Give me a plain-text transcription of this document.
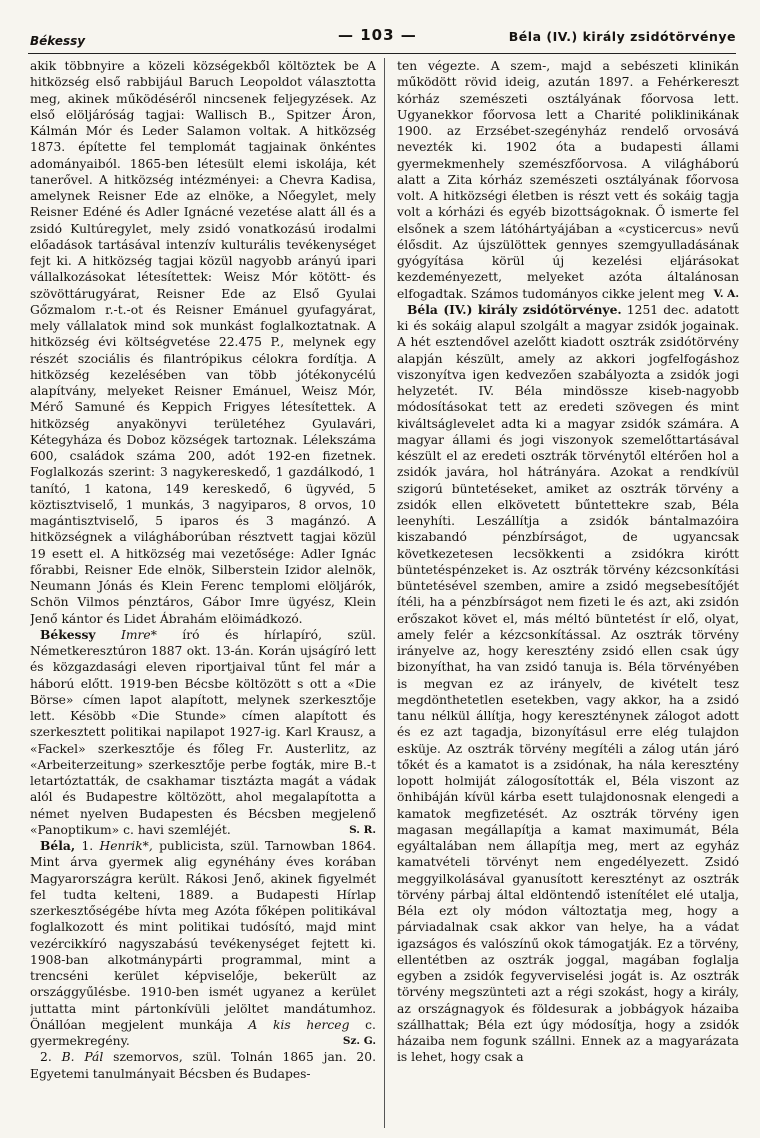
Békessy	— 103 —	Béla (IV.) király zsidótörvénye

akik többnyire a közeli községekből költöztek be A hitközség első rabbijául Baruch Leopoldot választotta meg, akinek működéséről nincsenek feljegyzések. Az első elöljáróság tagjai: Wallisch B., Spitzer Áron, Kálmán Mór és Leder Salamon voltak. A hitközség 1873. építette fel templomát tagjainak önkéntes adományaiból. 1865-ben létesült elemi iskolája, két tanerővel. A hitközség intézményei: a Chevra Kadisa, amelynek Reisner Ede az elnöke, a Nőegylet, mely Reisner Edéné és Adler Ignácné vezetése alatt áll és a zsidó Kultúregylet, mely zsidó vonatkozású irodalmi előadások tartásával intenzív kulturális tevékenységet fejt ki. A hitközség tagjai közül nagyobb arányú ipari vállalkozásokat létesítettek: Weisz Mór kötött- és szövöttárugyárat, Reisner Ede az Első Gyulai Gőzmalom r.-t.-ot és Reisner Emánuel gyufagyárat, mely vállalatok mind sok munkást foglalkoztatnak. A hitközség évi költségvetése 22.475 P., melynek egy részét szociális és filantrópikus célokra fordítja. A hitközség kezelésében van több jótékonycélú alapítvány, melyeket Reisner Emánuel, Weisz Mór, Mérő Samuné és Keppich Frigyes létesítettek. A hitközség anyakönyvi területéhez Gyulavári, Kétegyháza és Doboz községek tartoznak. Lélekszáma 600, családok száma 200, adót 192-en fizetnek. Foglalkozás szerint: 3 nagykereskedő, 1 gazdálkodó, 1 tanító, 1 katona, 149 kereskedő, 6 ügyvéd, 5 köztisztviselő, 1 munkás, 3 nagyiparos, 8 orvos, 10 magántisztviselő, 5 iparos és 3 magánzó. A hitközségnek a világháborúban résztvett tagjai közül 19 esett el. A hitközség mai vezetősége: Adler Ignác főrabbi, Reisner Ede elnök, Silberstein Izidor alelnök, Neumann Jónás és Klein Ferenc templomi elöljárók, Schön Vilmos pénztáros, Gábor Imre ügyész, Klein Jenő kántor és Lidet Ábrahám elöimádkozó.

Békessy Imre* író és hírlapíró, szül. Németkeresztúron 1887 okt. 13-án. Korán ujságíró lett és közgazdasági eleven riportjaival tűnt fel már a háború előtt. 1919-ben Bécsbe költözött s ott a «Die Börse» címen lapot alapított, melynek szerkesztője lett. Késöbb «Die Stunde» címen alapított és szerkesztett politikai napilapot 1927-ig. Karl Krausz, a «Fackel» szerkesztője és főleg Fr. Austerlitz, az «Arbeiterzeitung» szerkesztője perbe fogták, mire B.-t letartóztatták, de csakhamar tisztázta magát a vádak alól és Budapestre költözött, ahol megalapította a német nyelven Budapesten és Bécsben megjelenő «Panoptikum» c. havi szemléjét.	S. R.

Béla, 1. Henrik*, publicista, szül. Tarnowban 1864. Mint árva gyermek alig egynéhány éves korában Magyarországra került. Rákosi Jenő, akinek figyelmét fel tudta kelteni, 1889. a Budapesti Hírlap szerkesztőségébe hívta meg Azóta főképen politikával foglalkozott és mint politikai tudósító, majd mint vezércikkíró nagyszabású tevékenységet fejtett ki. 1908-ban alkotmánypárti programmal, mint a trencséni kerület képviselője, bekerült az országgyűlésbe. 1910-ben ismét ugyanez a kerület juttatta mint pártonkívüli jelöltet mandátumhoz. Önállóan megjelent munkája A kis herceg c. gyermekregény.	Sz. G.

2. B. Pál szemorvos, szül. Tolnán 1865 jan. 20. Egyetemi tanulmányait Bécsben és Budapes-

ten végezte. A szem-, majd a sebészeti klinikán működött rövid ideig, azután 1897. a Fehérkereszt kórház szemészeti osztályának főorvosa lett. Ugyanekkor főorvosa lett a Charité poliklinikának 1900. az Erzsébet-szegényház rendelő orvosává nevezték ki. 1902 óta a budapesti állami gyermekmenhely szemészfőorvosa. A világháború alatt a Zita kórház szemészeti osztályának főorvosa volt. A hitközségi életben is részt vett és sokáig tagja volt a kórházi és egyéb bizottságoknak. Ő ismerte fel elsőnek a szem látóhártyájában a «cysticercus» nevű élősdit. Az újszülöttek gennyes szemgyulladásának gyógyítása körül új kezelési eljárásokat kezdeményezett, melyeket azóta általánosan elfogadtak. Számos tudományos cikke jelent meg V. A.

Béla (IV.) király zsidótörvénye. 1251 dec. adatott ki és sokáig alapul szolgált a magyar zsidók jogainak. A hét esztendővel azelőtt kiadott osztrák zsidótörvény alapján készült, amely az akkori jogfelfogáshoz viszonyítva igen kedvezően szabályozta a zsidók jogi helyzetét. IV. Béla mindössze kiseb-nagyobb módosításokat tett az eredeti szövegen és mint kiváltságlevelet adta ki a magyar zsidók számára. A magyar állami és jogi viszonyok szemelőttartásával készült el az eredeti osztrák törvénytől eltérően hol a zsidók javára, hol hátrányára. Azokat a rendkívül szigorú büntetéseket, amiket az osztrák törvény a zsidók ellen elkövetett bűntettekre szab, Béla leenyhíti. Leszállítja a zsidók bántalmazóira kiszabandó pénzbírságot, de ugyancsak következetesen lecsökkenti a zsidókra kirótt büntetéspénzeket is. Az osztrák törvény kézcsonkítási büntetésével szemben, amire a zsidó megsebesítőjét ítéli, ha a pénzbírságot nem fizeti le és azt, aki zsidón erőszakot követ el, más méltó büntetést ír elő, olyat, amely felér a kézcsonkítással. Az osztrák törvény irányelve az, hogy keresztény zsidó ellen csak úgy bizonyíthat, ha van zsidó tanuja is. Béla törvényében is megvan ez az irányelv, de kivételt tesz megdönthetetlen esetekben, vagy akkor, ha a zsidó tanu nélkül állítja, hogy kereszténynek zálogot adott és ez azt tagadja, bizonyításul erre elég tulajdon esküje. Az osztrák törvény megítéli a zálog után járó tőkét és a kamatot is a zsidónak, ha nála keresztény lopott holmiját zálogosították el, Béla viszont az önhibáján kívül kárba esett tulajdonosnak elengedi a kamatok megfizetését. Az osztrák törvény igen magasan megállapítja a kamat maximumát, Béla egyáltalában nem állapítja meg, mert az egyház kamatvételi törvényt nem engedélyezett. Zsidó meggyilkolásával gyanusított keresztényt az osztrák törvény párbaj által eldöntendő istenítélet elé utalja, Béla ezt oly módon változtatja meg, hogy a párviadalnak csak akkor van helye, ha a vádat igazságos és valószínű okok támogatják. Ez a törvény, ellentétben az osztrák joggal, magában foglalja egyben a zsidók fegyverviselési jogát is. Az osztrák törvény megszünteti azt a régi szokást, hogy a király, az országnagyok és földesurak a jobbágyok házaiba szállhattak; Béla ezt úgy módosítja, hogy a zsidók házaiba nem fogunk szállni. Ennek az a magyarázata is lehet, hogy csak a
